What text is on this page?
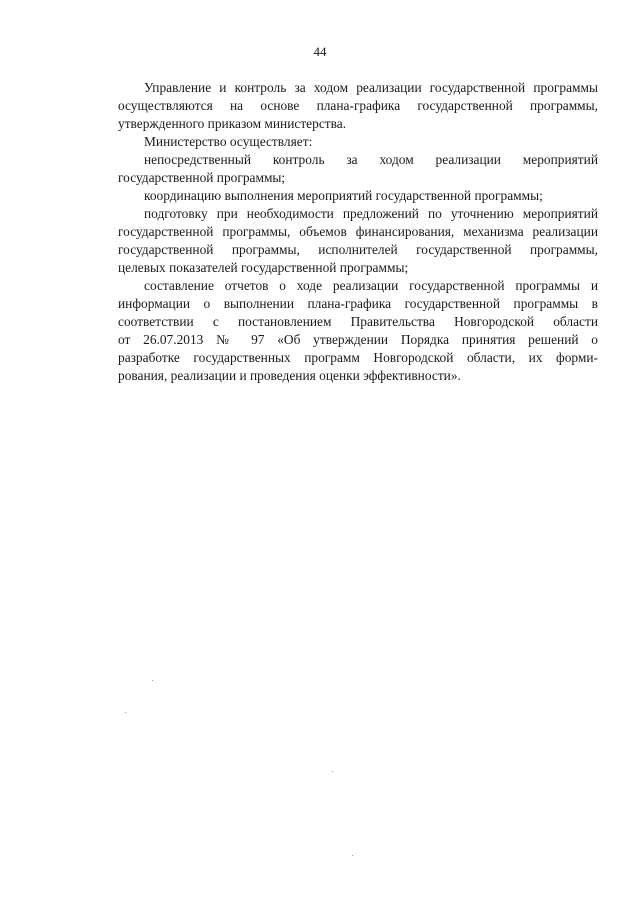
44
Управление и контроль за ходом реализации государственной программы
осуществляются на основе плана-графика государственной программы,
утвержденного приказом министерства.
Министерство осуществляет:
непосредственный контроль за ходом реализации мероприятий
государственной программы;
координацию выполнения мероприятий государственной программы;
подготовку при необходимости предложений по уточнению мероприятий
государственной программы, объемов финансирования, механизма реализации
государственной программы, исполнителей государственной программы,
целевых показателей государственной программы;
составление отчетов о ходе реализации государственной программы и
информации о выполнении плана-графика государственной программы в
соответствии с постановлением Правительства Новгородской области
от 26.07.2013 № 97 «Об утверждении Порядка принятия решений о
разработке государственных программ Новгородской области, их форми-
рования, реализации и проведения оценки эффективности».
